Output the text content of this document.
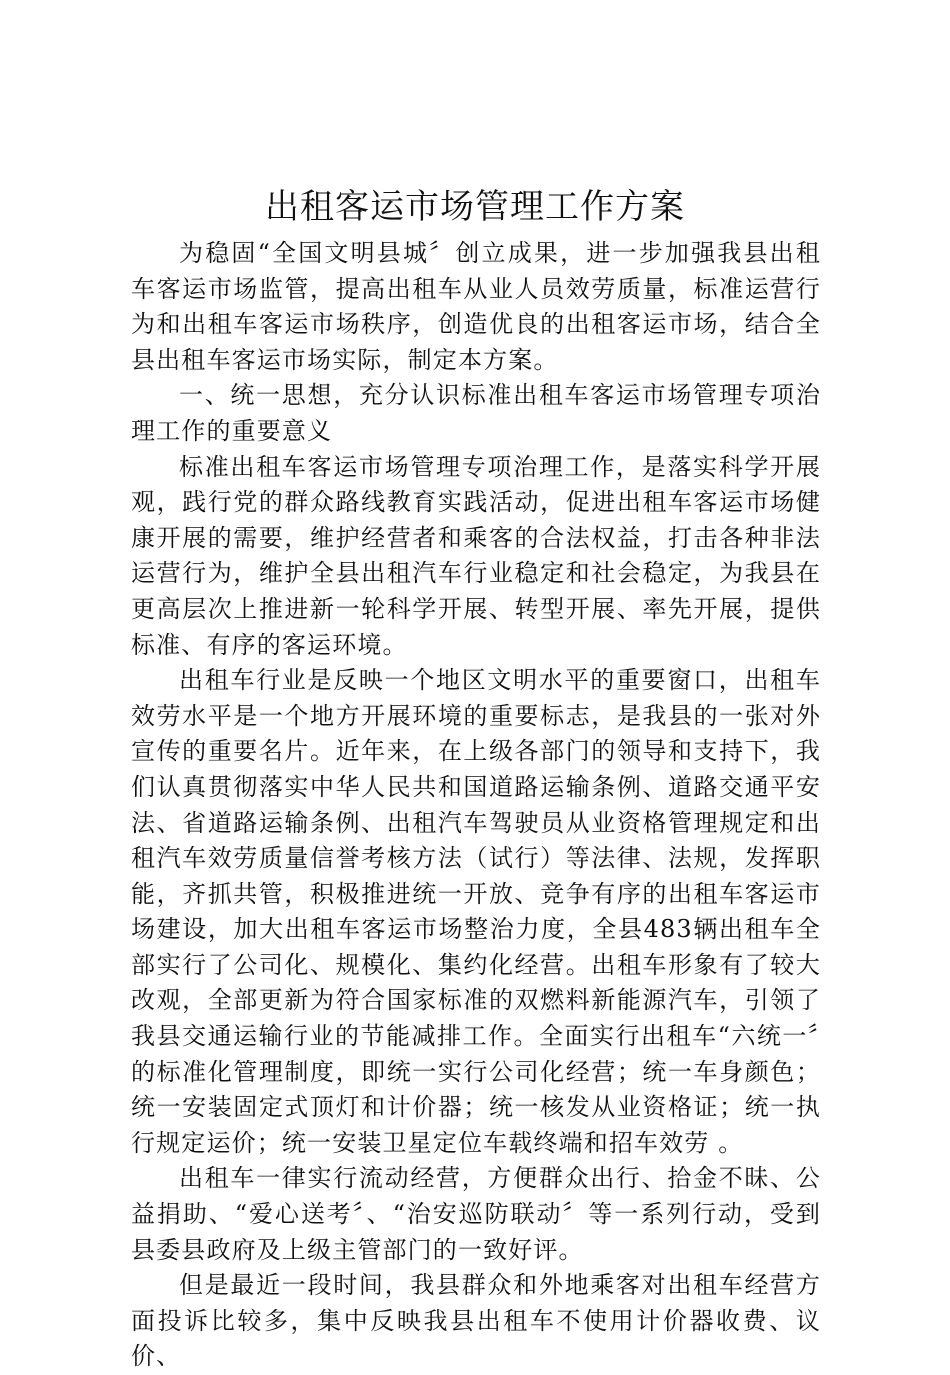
出租客运市场管理工作方案

为稳固“全国文明县城〞创立成果，进一步加强我县出租车客运市场监管，提高出租车从业人员效劳质量，标准运营行为和出租车客运市场秩序，创造优良的出租客运市场，结合全县出租车客运市场实际，制定本方案。

一、统一思想，充分认识标准出租车客运市场管理专项治理工作的重要意义

标准出租车客运市场管理专项治理工作，是落实科学开展观，践行党的群众路线教育实践活动，促进出租车客运市场健康开展的需要，维护经营者和乘客的合法权益，打击各种非法运营行为，维护全县出租汽车行业稳定和社会稳定，为我县在更高层次上推进新一轮科学开展、转型开展、率先开展，提供标准、有序的客运环境。

出租车行业是反映一个地区文明水平的重要窗口，出租车效劳水平是一个地方开展环境的重要标志，是我县的一张对外宣传的重要名片。近年来，在上级各部门的领导和支持下，我们认真贯彻落实中华人民共和国道路运输条例、道路交通平安法、省道路运输条例、出租汽车驾驶员从业资格管理规定和出租汽车效劳质量信誉考核方法（试行）等法律、法规，发挥职能，齐抓共管，积极推进统一开放、竞争有序的出租车客运市场建设，加大出租车客运市场整治力度，全县483辆出租车全部实行了公司化、规模化、集约化经营。出租车形象有了较大改观，全部更新为符合国家标准的双燃料新能源汽车，引领了我县交通运输行业的节能减排工作。全面实行出租车“六统一〞的标准化管理制度，即统一实行公司化经营；统一车身颜色；统一安装固定式顶灯和计价器；统一核发从业资格证；统一执行规定运价；统一安装卫星定位车载终端和招车效劳 。

出租车一律实行流动经营，方便群众出行、拾金不昧、公益捐助、“爱心送考〞、“治安巡防联动〞等一系列行动，受到县委县政府及上级主管部门的一致好评。

但是最近一段时间，我县群众和外地乘客对出租车经营方面投诉比较多，集中反映我县出租车不使用计价器收费、议价、
